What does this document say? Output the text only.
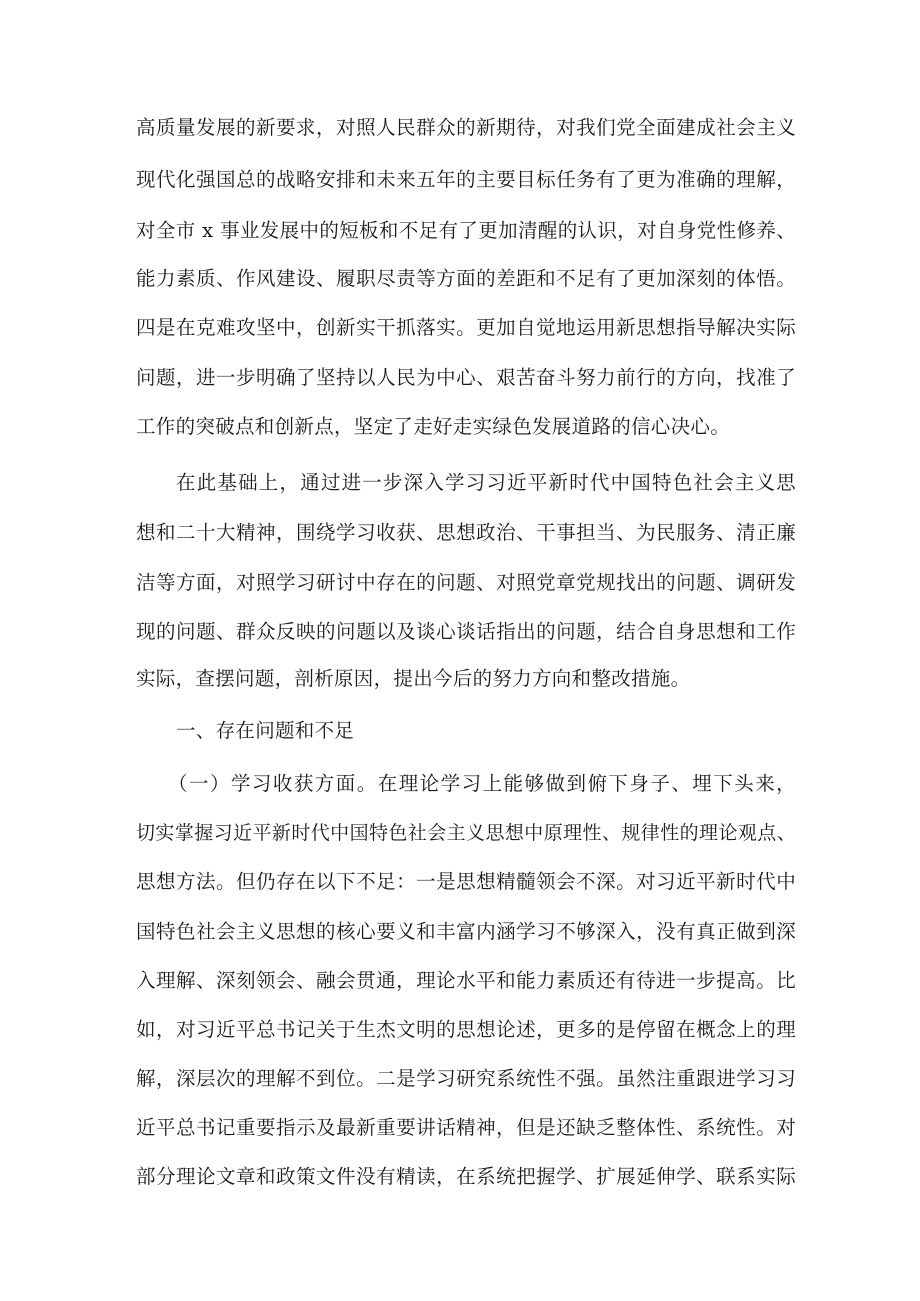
高质量发展的新要求，对照人民群众的新期待，对我们党全面建成社会主义
现代化强国总的战略安排和未来五年的主要目标任务有了更为准确的理解，
对全市 x 事业发展中的短板和不足有了更加清醒的认识，对自身党性修养、
能力素质、作风建设、履职尽责等方面的差距和不足有了更加深刻的体悟。
四是在克难攻坚中，创新实干抓落实。更加自觉地运用新思想指导解决实际
问题，进一步明确了坚持以人民为中心、艰苦奋斗努力前行的方向，找准了
工作的突破点和创新点，坚定了走好走实绿色发展道路的信心决心。
在此基础上，通过进一步深入学习习近平新时代中国特色社会主义思
想和二十大精神，围绕学习收获、思想政治、干事担当、为民服务、清正廉
洁等方面，对照学习研讨中存在的问题、对照党章党规找出的问题、调研发
现的问题、群众反映的问题以及谈心谈话指出的问题，结合自身思想和工作
实际，查摆问题，剖析原因，提出今后的努力方向和整改措施。
一、存在问题和不足
（一）学习收获方面。在理论学习上能够做到俯下身子、埋下头来，
切实掌握习近平新时代中国特色社会主义思想中原理性、规律性的理论观点、
思想方法。但仍存在以下不足：一是思想精髓领会不深。对习近平新时代中
国特色社会主义思想的核心要义和丰富内涵学习不够深入，没有真正做到深
入理解、深刻领会、融会贯通，理论水平和能力素质还有待进一步提高。比
如，对习近平总书记关于生杰文明的思想论述，更多的是停留在概念上的理
解，深层次的理解不到位。二是学习研究系统性不强。虽然注重跟进学习习
近平总书记重要指示及最新重要讲话精神，但是还缺乏整体性、系统性。对
部分理论文章和政策文件没有精读，在系统把握学、扩展延伸学、联系实际
